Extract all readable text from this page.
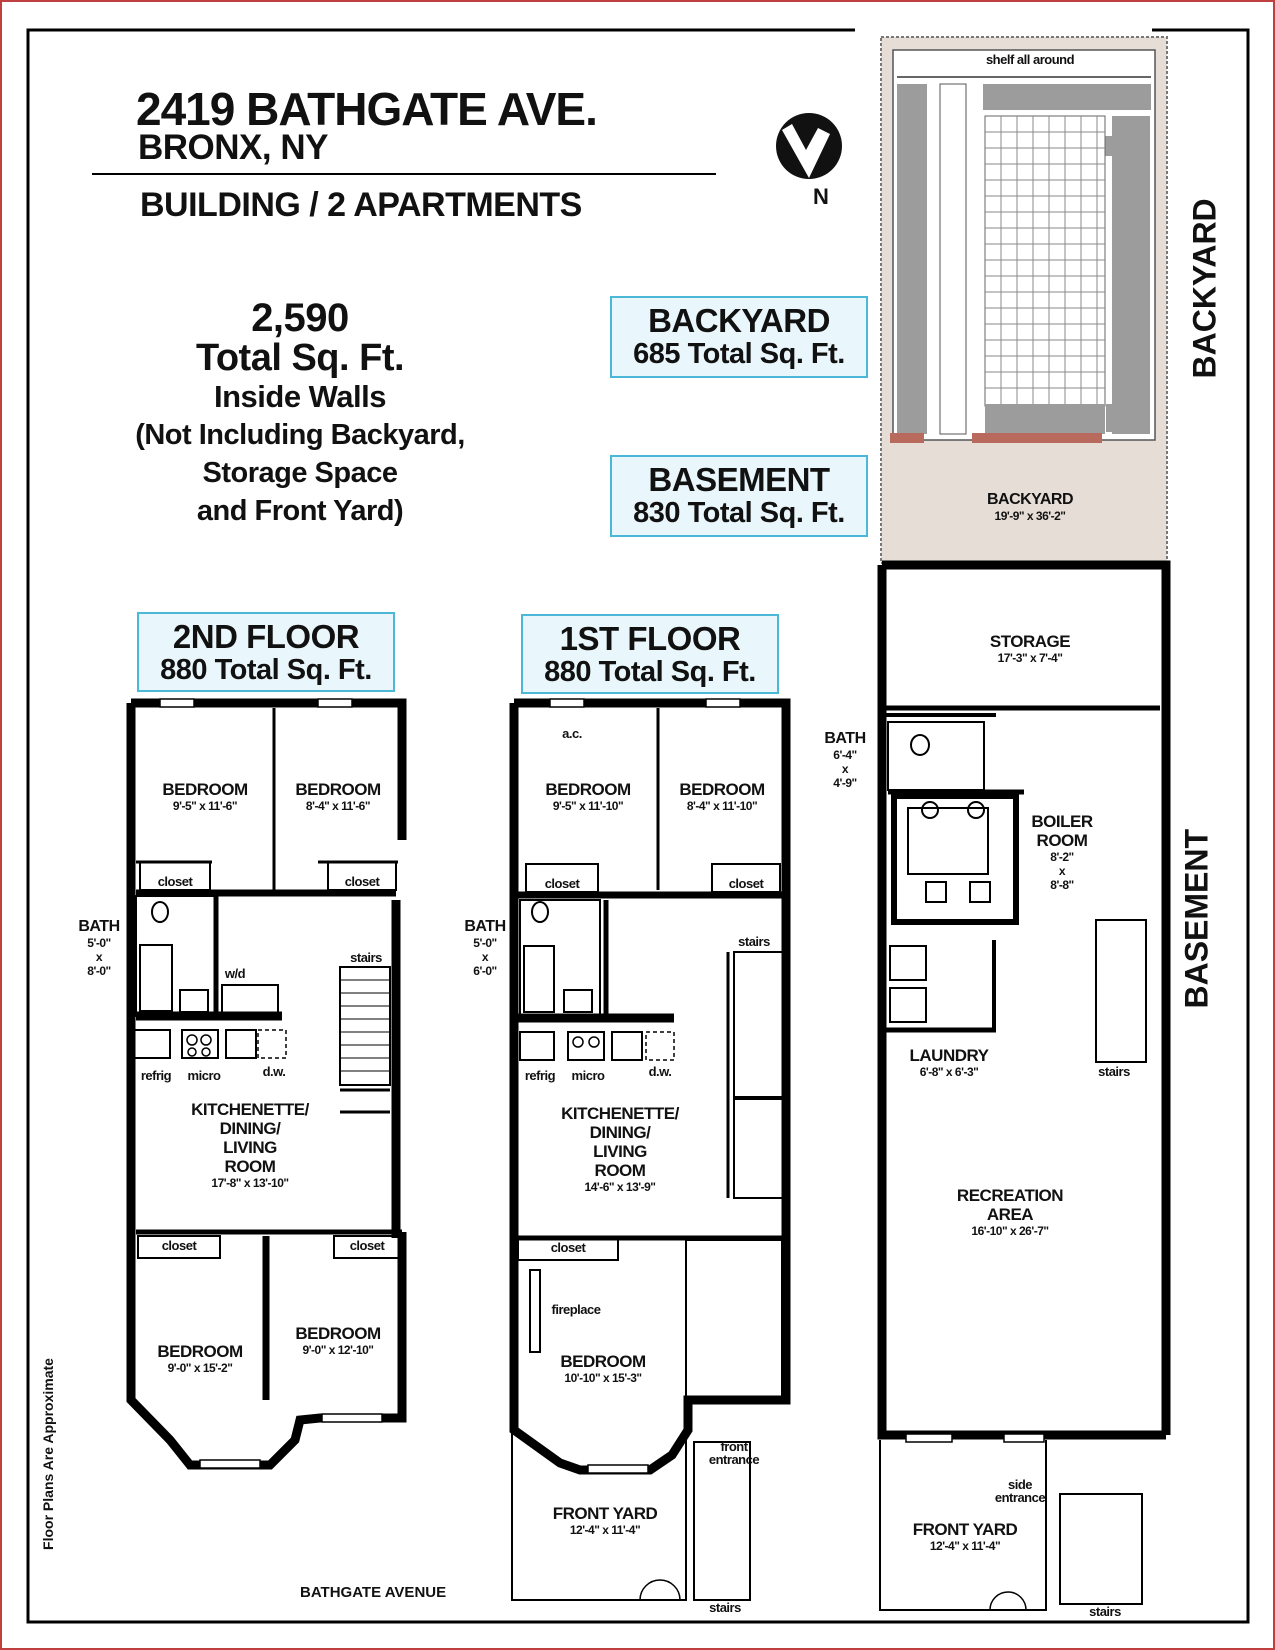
2419 BATHGATE AVE.
BRONX, NY
BUILDING / 2 APARTMENTS	N
2,590
Total Sq. Ft.
Inside Walls
(Not Including Backyard,
Storage Space
and Front Yard)
BACKYARD
685 Total Sq. Ft.
BASEMENT
830 Total Sq. Ft.
2ND FLOOR
880 Total Sq. Ft.
1ST FLOOR
880 Total Sq. Ft.
BACKYARD
BASEMENT
Floor Plans Are Approximate
BATHGATE AVENUE
BEDROOM
9'-5" x 11'-6"
BEDROOM
8'-4" x 11'-6"
closet	closet
BATH
5'-0"
x
8'-0"	w/d
stairs
refrig	micro	d.w.
KITCHENETTE/
DINING/
LIVING
ROOM
17'-8" x 13'-10"
closet	closet
BEDROOM
9'-0" x 15'-2"
BEDROOM
9'-0" x 12'-10"
a.c.
BEDROOM
9'-5" x 11'-10"
BEDROOM
8'-4" x 11'-10"
closet	closet
BATH
5'-0"
x
6'-0"
stairs
refrig	micro	d.w.
KITCHENETTE/
DINING/
LIVING
ROOM
14'-6" x 13'-9"
closet
fireplace
BEDROOM
10'-10" x 15'-3"
front
entrance
FRONT YARD
12'-4" x 11'-4"
stairs
shelf all around
BACKYARD
19'-9" x 36'-2"
STORAGE
17'-3" x 7'-4"
BATH
6'-4"
x
4'-9"
BOILER
ROOM
8'-2"
x
8'-8"
LAUNDRY
6'-8" x 6'-3"	stairs
RECREATION
AREA
16'-10" x 26'-7"
side
entrance
FRONT YARD
12'-4" x 11'-4"
stairs
